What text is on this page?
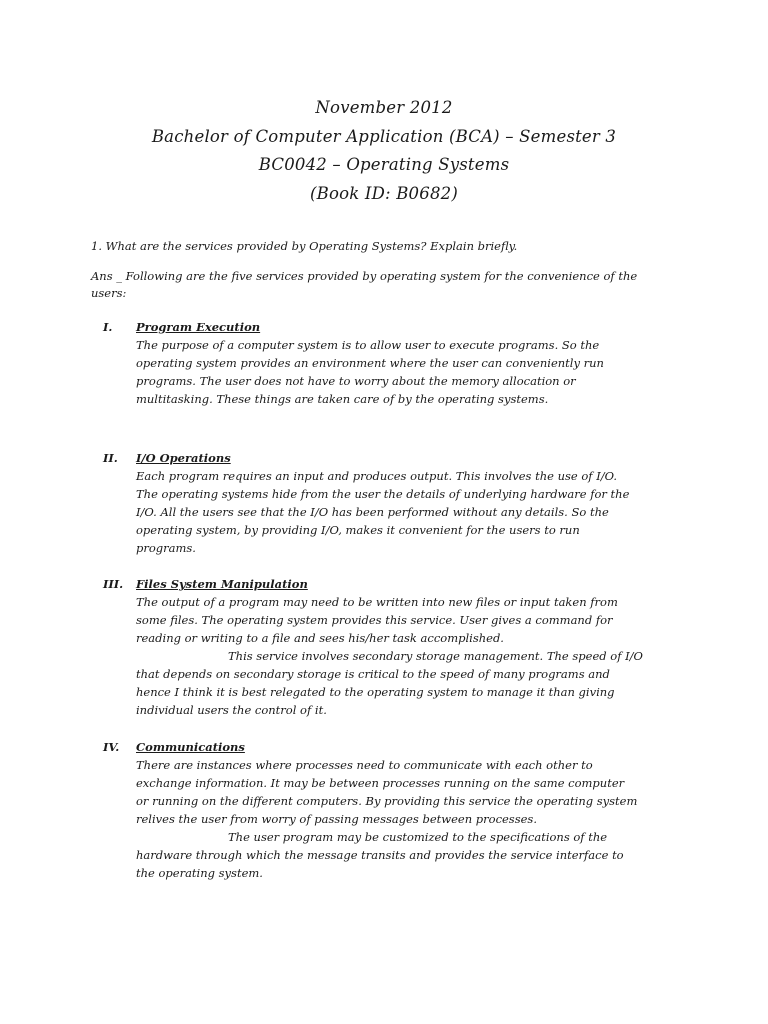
November 2012
Bachelor of Computer Application (BCA) – Semester 3
BC0042 – Operating Systems
(Book ID: B0682)
1. What are the services provided by Operating Systems? Explain briefly.
Ans _ Following are the five services provided by operating system for the convenience of the
users:
I.	Program Execution
The purpose of a computer system is to allow user to execute programs. So the
operating system provides an environment where the user can conveniently run
programs. The user does not have to worry about the memory allocation or
multitasking. These things are taken care of by the operating systems.
II.	I/O Operations
Each program requires an input and produces output. This involves the use of I/O.
The operating systems hide from the user the details of underlying hardware for the
I/O. All the users see that the I/O has been performed without any details. So the
operating system, by providing I/O, makes it convenient for the users to run
programs.
III.	Files System Manipulation
The output of a program may need to be written into new files or input taken from
some files. The operating system provides this service. User gives a command for
reading or writing to a file and sees his/her task accomplished.
This service involves secondary storage management. The speed of I/O
that depends on secondary storage is critical to the speed of many programs and
hence I think it is best relegated to the operating system to manage it than giving
individual users the control of it.
IV.	Communications
There are instances where processes need to communicate with each other to
exchange information. It may be between processes running on the same computer
or running on the different computers. By providing this service the operating system
relives the user from worry of passing messages between processes.
The user program may be customized to the specifications of the
hardware through which the message transits and provides the service interface to
the operating system.
